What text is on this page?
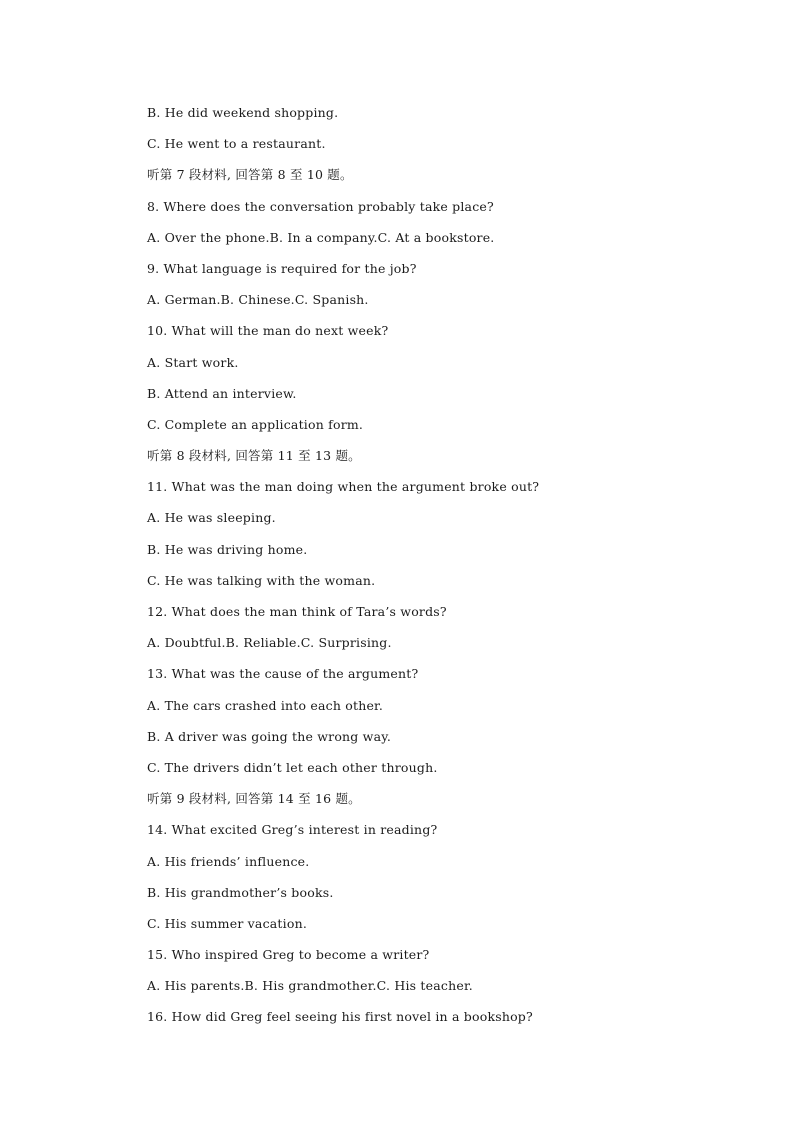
B. He did weekend shopping.
C. He went to a restaurant.
听第 7 段材料, 回答第 8 至 10 题。
8. Where does the conversation probably take place?
A. Over the phone.B. In a company.C. At a bookstore.
9. What language is required for the job?
A. German.B. Chinese.C. Spanish.
10. What will the man do next week?
A. Start work.
B. Attend an interview.
C. Complete an application form.
听第 8 段材料, 回答第 11 至 13 题。
11. What was the man doing when the argument broke out?
A. He was sleeping.
B. He was driving home.
C. He was talking with the woman.
12. What does the man think of Tara’s words?
A. Doubtful.B. Reliable.C. Surprising.
13. What was the cause of the argument?
A. The cars crashed into each other.
B. A driver was going the wrong way.
C. The drivers didn’t let each other through.
听第 9 段材料, 回答第 14 至 16 题。
14. What excited Greg’s interest in reading?
A. His friends’ influence.
B. His grandmother’s books.
C. His summer vacation.
15. Who inspired Greg to become a writer?
A. His parents.B. His grandmother.C. His teacher.
16. How did Greg feel seeing his first novel in a bookshop?
